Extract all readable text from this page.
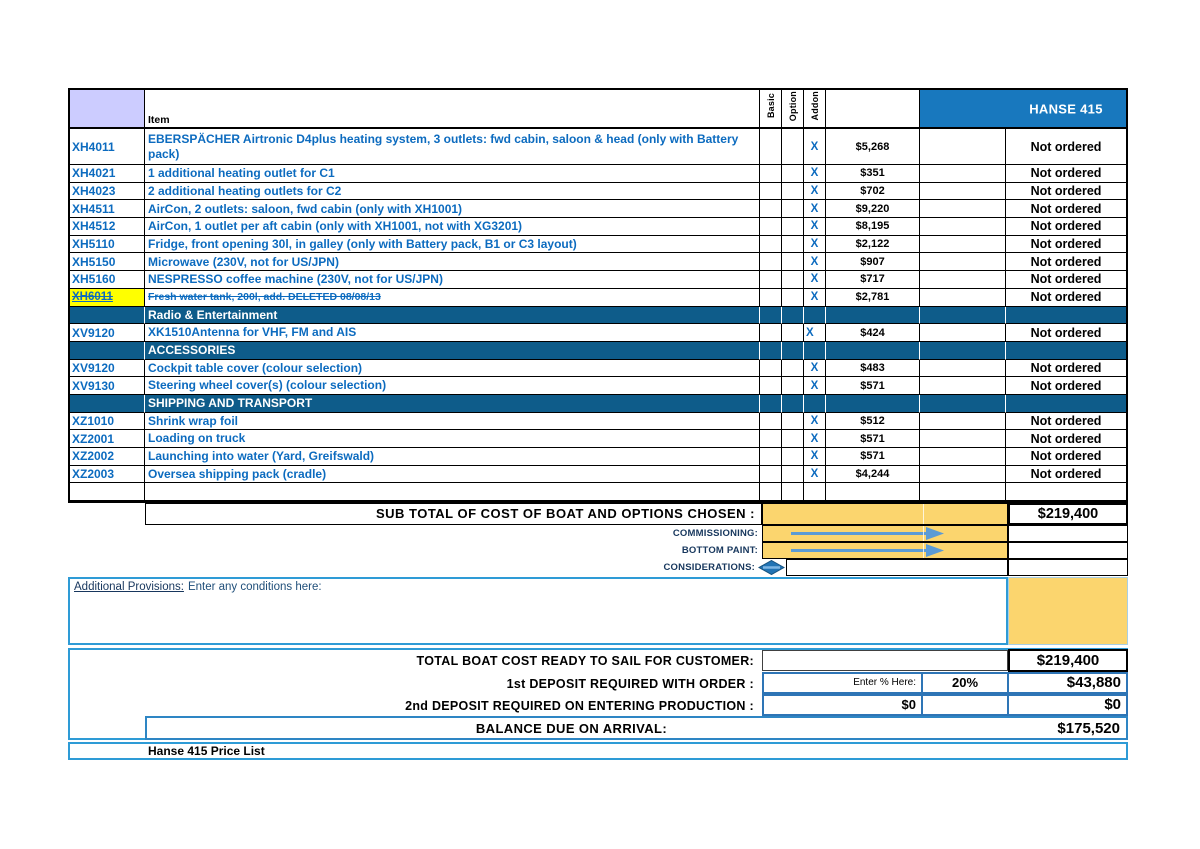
	Item	Basic	Option	Addon		HANSE 415	

XH4011	EBERSPÄCHER Airtronic D4plus heating system, 3 outlets: fwd cabin, saloon & head (only with Battery pack)			X	$5,268		Not ordered
XH4021	1 additional heating outlet for C1			X	$351		Not ordered
XH4023	2 additional heating outlets for C2			X	$702		Not ordered
XH4511	AirCon, 2 outlets: saloon, fwd cabin (only with XH1001)			X	$9,220		Not ordered
XH4512	AirCon, 1 outlet per aft cabin (only with XH1001, not with XG3201)			X	$8,195		Not ordered
XH5110	Fridge, front opening 30l, in galley (only with Battery pack, B1 or C3 layout)			X	$2,122		Not ordered
XH5150	Microwave (230V, not for US/JPN)			X	$907		Not ordered
XH5160	NESPRESSO coffee machine (230V, not for US/JPN)			X	$717		Not ordered
XH6011	Fresh water tank, 200l, add. DELETED 08/08/13			X	$2,781		Not ordered
	Radio & Entertainment						
XV9120	XK1510Antenna for VHF, FM and AIS			X	$424		Not ordered
	ACCESSORIES						
XV9120	Cockpit table cover (colour selection)			X	$483		Not ordered
XV9130	Steering wheel cover(s) (colour selection)			X	$571		Not ordered
	SHIPPING AND TRANSPORT						
XZ1010	Shrink wrap foil			X	$512		Not ordered
XZ2001	Loading on truck			X	$571		Not ordered
XZ2002	Launching into water (Yard, Greifswald)			X	$571		Not ordered
XZ2003	Oversea shipping pack (cradle)			X	$4,244		Not ordered

SUB TOTAL OF COST OF BOAT AND OPTIONS CHOSEN :	$219,400
COMMISSIONING:
BOTTOM PAINT:
CONSIDERATIONS:
Additional Provisions: Enter any conditions here:
TOTAL BOAT COST READY TO SAIL FOR CUSTOMER:	$219,400
1st DEPOSIT REQUIRED WITH ORDER :	Enter % Here:	20%	$43,880
2nd DEPOSIT REQUIRED ON ENTERING PRODUCTION :	$0	$0
BALANCE DUE ON ARRIVAL:	$175,520
Hanse 415 Price List
